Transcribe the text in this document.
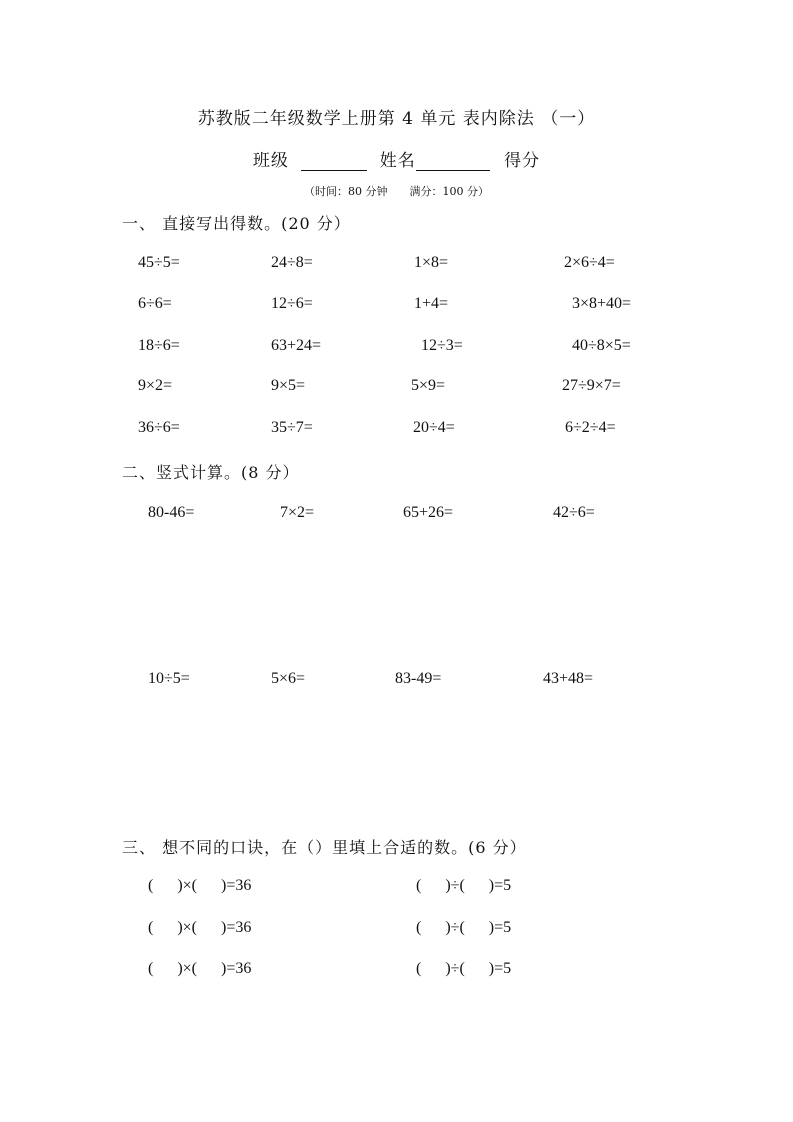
苏教版二年级数学上册第 4 单元 表内除法 （一）
班级	姓名	得分
（时间：80 分钟 满分：100 分）
一、 直接写出得数。(20 分）
45÷5=	24÷8=	1×8=	2×6÷4=
6÷6=	12÷6=	1+4=	3×8+40=
18÷6=	63+24=	12÷3=	40÷8×5=
9×2=	9×5=	5×9=	27÷9×7=
36÷6=	35÷7=	20÷4=	6÷2÷4=
二、竖式计算。(8 分）
80-46=	7×2=	65+26=	42÷6=
10÷5=	5×6=	83-49=	43+48=
三、 想不同的口诀，在（）里填上合适的数。(6 分）
(      )×(      )=36	(      )÷(      )=5
(      )×(      )=36	(      )÷(      )=5
(      )×(      )=36	(      )÷(      )=5
